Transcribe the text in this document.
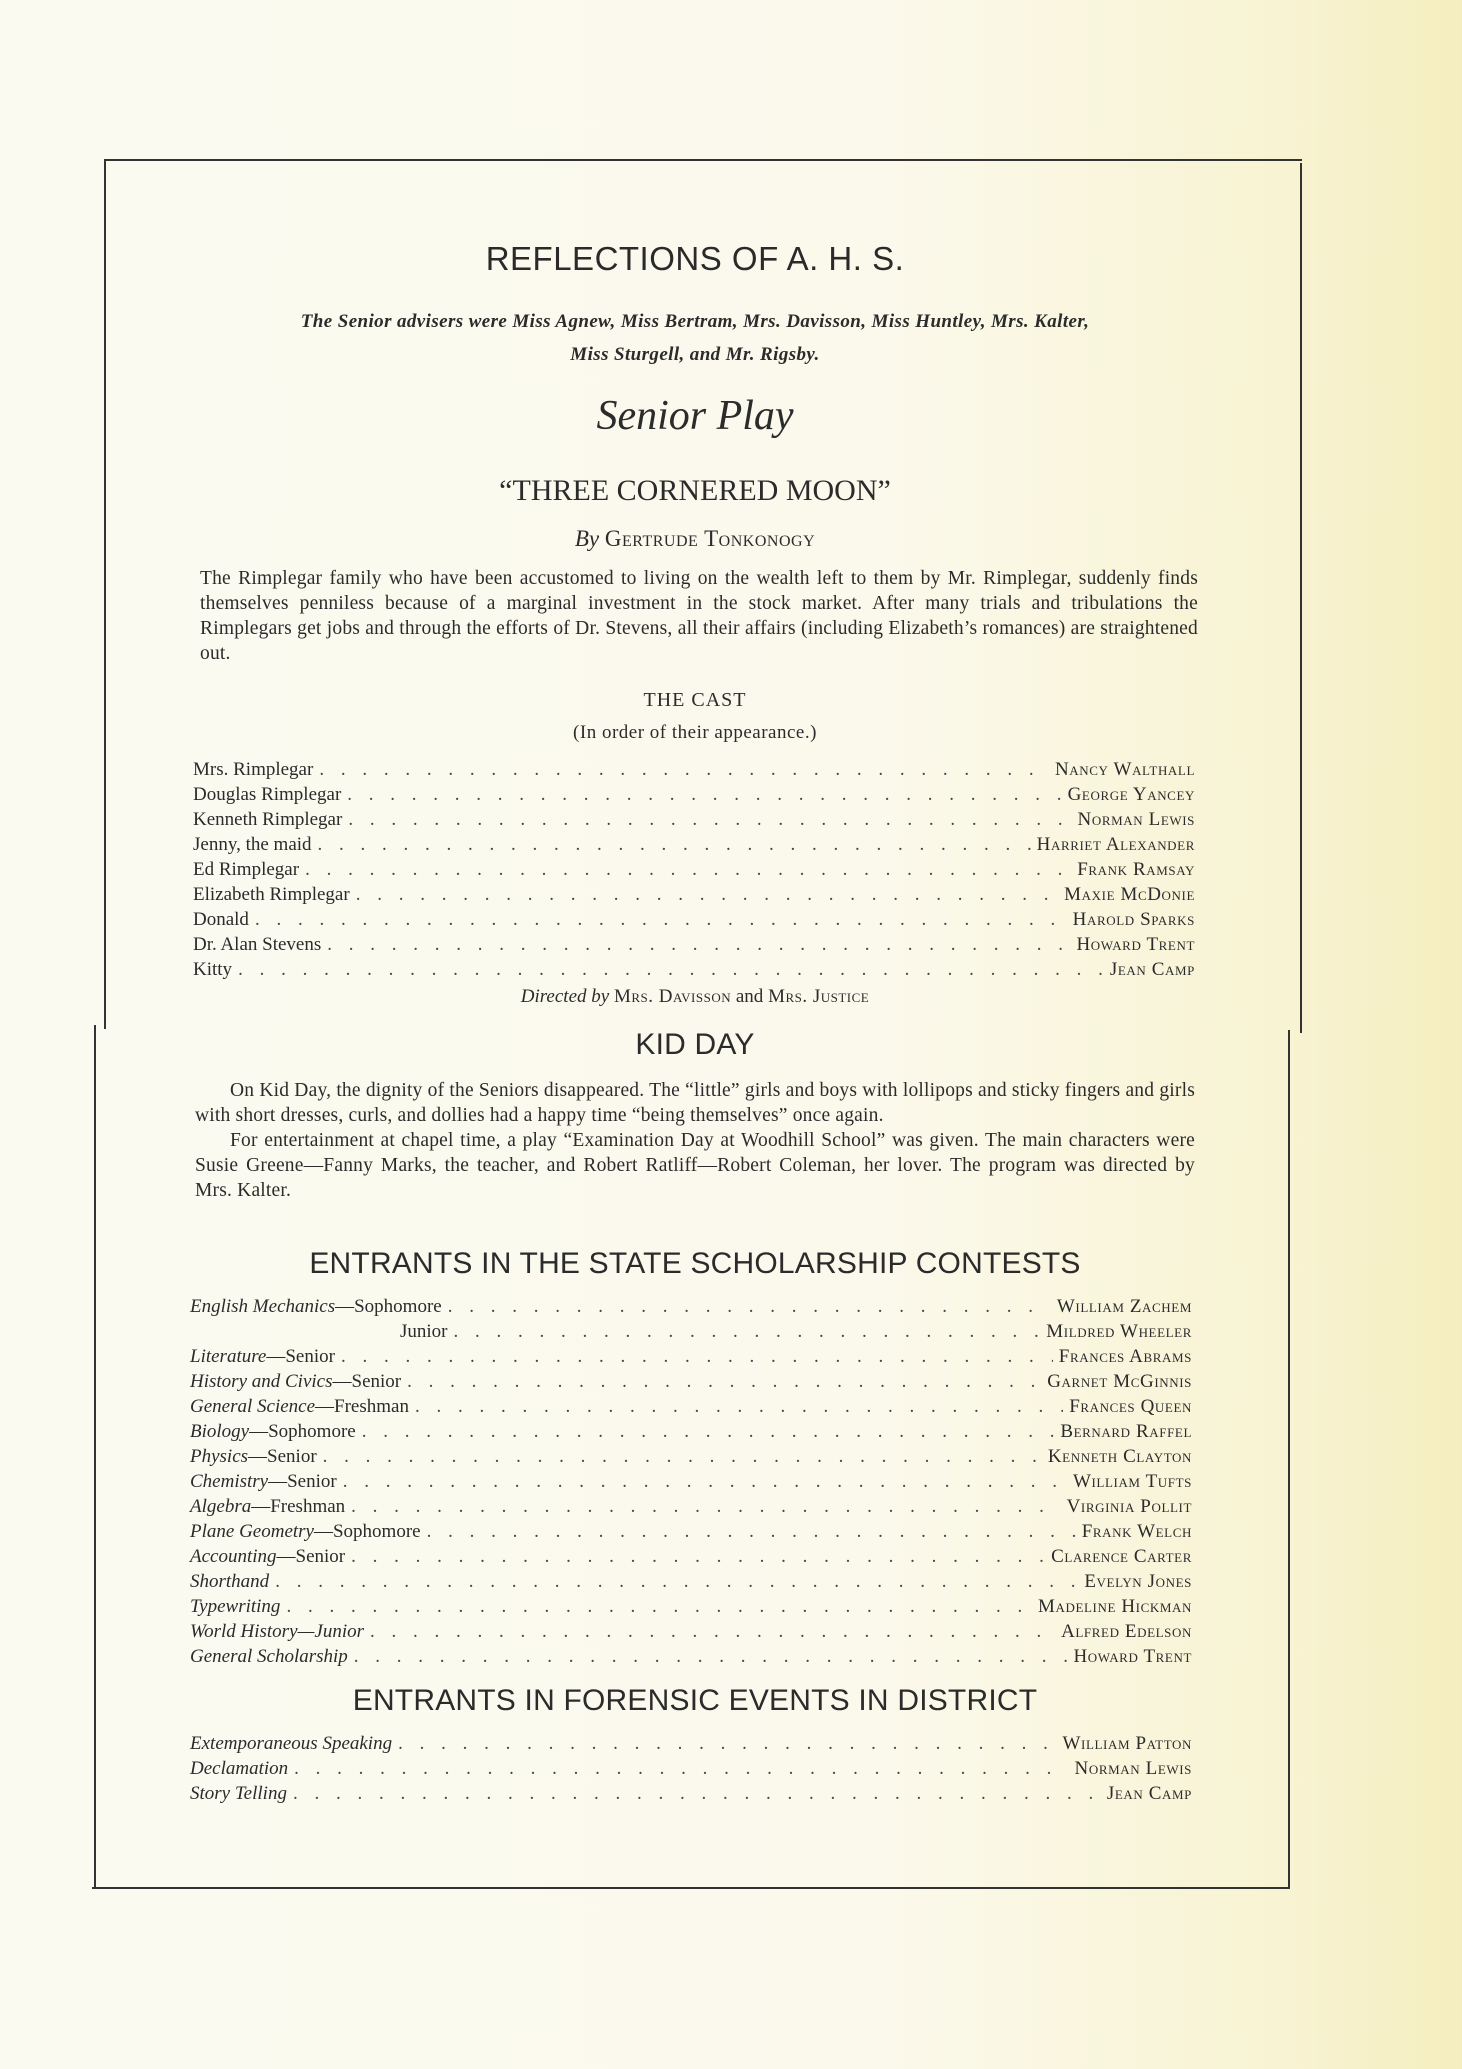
REFLECTIONS OF A. H. S.
The Senior advisers were Miss Agnew, Miss Bertram, Mrs. Davisson, Miss Huntley, Mrs. Kalter,
Miss Sturgell, and Mr. Rigsby.
Senior Play
“THREE CORNERED MOON”
By Gertrude Tonkonogy

The Rimplegar family who have been accustomed to living on the wealth left to them by Mr. Rimplegar, suddenly finds themselves penniless because of a marginal investment in the stock market. After many trials and tribulations the Rimplegars get jobs and through the efforts of Dr. Stevens, all their affairs (including Elizabeth’s romances) are straightened out.

THE CAST
(In order of their appearance.)
Mrs. Rimplegar . . .	Nancy Walthall
Douglas Rimplegar . . .	George Yancey
Kenneth Rimplegar . . .	Norman Lewis
Jenny, the maid . . .	Harriet Alexander
Ed Rimplegar . . .	Frank Ramsay
Elizabeth Rimplegar . . .	Maxie McDonie
Donald . . .	Harold Sparks
Dr. Alan Stevens . . .	Howard Trent
Kitty . . .	Jean Camp
Directed by Mrs. Davisson and Mrs. Justice
KID DAY

On Kid Day, the dignity of the Seniors disappeared. The “little” girls and boys with lollipops and sticky fingers and girls with short dresses, curls, and dollies had a happy time “being themselves” once again.

For entertainment at chapel time, a play “Examination Day at Woodhill School” was given. The main characters were Susie Greene—Fanny Marks, the teacher, and Robert Ratliff—Robert Coleman, her lover. The program was directed by Mrs. Kalter.

ENTRANTS IN THE STATE SCHOLARSHIP CONTESTS
English Mechanics—Sophomore . . .	William Zachem
Junior . . .	Mildred Wheeler
Literature—Senior . . .	Frances Abrams
History and Civics—Senior . . .	Garnet McGinnis
General Science—Freshman . . .	Frances Queen
Biology—Sophomore . . .	Bernard Raffel
Physics—Senior . . .	Kenneth Clayton
Chemistry—Senior . . .	William Tufts
Algebra—Freshman . . .	Virginia Pollit
Plane Geometry—Sophomore . . .	Frank Welch
Accounting—Senior . . .	Clarence Carter
Shorthand . . .	Evelyn Jones
Typewriting . . .	Madeline Hickman
World History—Junior . . .	Alfred Edelson
General Scholarship . . .	Howard Trent
ENTRANTS IN FORENSIC EVENTS IN DISTRICT
Extemporaneous Speaking . . .	William Patton
Declamation . . .	Norman Lewis
Story Telling . . .	Jean Camp
